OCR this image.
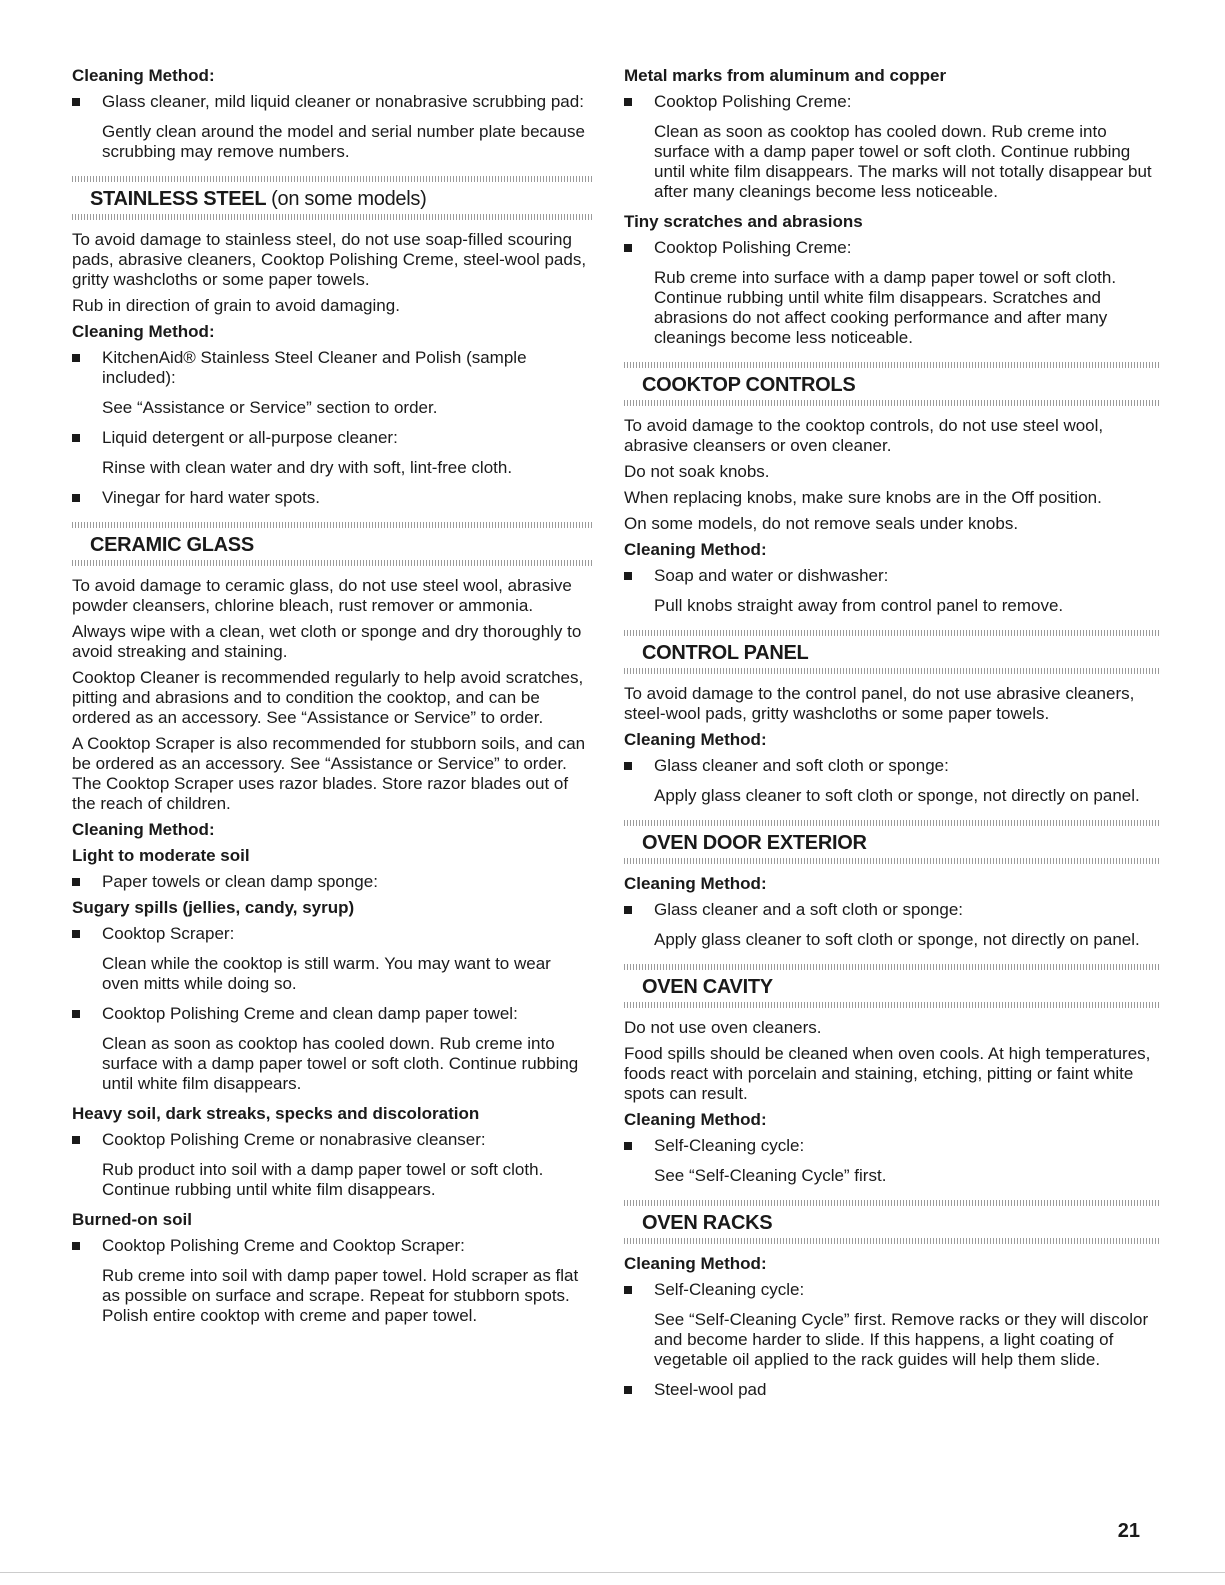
Cleaning Method:
Glass cleaner, mild liquid cleaner or nonabrasive scrubbing pad:
Gently clean around the model and serial number plate because scrubbing may remove numbers.
STAINLESS STEEL (on some models)
To avoid damage to stainless steel, do not use soap-filled scouring pads, abrasive cleaners, Cooktop Polishing Creme, steel-wool pads, gritty washcloths or some paper towels.
Rub in direction of grain to avoid damaging.
Cleaning Method:
KitchenAid® Stainless Steel Cleaner and Polish (sample included):
See “Assistance or Service” section to order.
Liquid detergent or all-purpose cleaner:
Rinse with clean water and dry with soft, lint-free cloth.
Vinegar for hard water spots.
CERAMIC GLASS
To avoid damage to ceramic glass, do not use steel wool, abrasive powder cleansers, chlorine bleach, rust remover or ammonia.
Always wipe with a clean, wet cloth or sponge and dry thoroughly to avoid streaking and staining.
Cooktop Cleaner is recommended regularly to help avoid scratches, pitting and abrasions and to condition the cooktop, and can be ordered as an accessory. See “Assistance or Service” to order.
A Cooktop Scraper is also recommended for stubborn soils, and can be ordered as an accessory. See “Assistance or Service” to order. The Cooktop Scraper uses razor blades. Store razor blades out of the reach of children.
Cleaning Method:
Light to moderate soil
Paper towels or clean damp sponge:
Sugary spills (jellies, candy, syrup)
Cooktop Scraper:
Clean while the cooktop is still warm. You may want to wear oven mitts while doing so.
Cooktop Polishing Creme and clean damp paper towel:
Clean as soon as cooktop has cooled down. Rub creme into surface with a damp paper towel or soft cloth. Continue rubbing until white film disappears.
Heavy soil, dark streaks, specks and discoloration
Cooktop Polishing Creme or nonabrasive cleanser:
Rub product into soil with a damp paper towel or soft cloth. Continue rubbing until white film disappears.
Burned-on soil
Cooktop Polishing Creme and Cooktop Scraper:
Rub creme into soil with damp paper towel. Hold scraper as flat as possible on surface and scrape. Repeat for stubborn spots. Polish entire cooktop with creme and paper towel.
Metal marks from aluminum and copper
Cooktop Polishing Creme:
Clean as soon as cooktop has cooled down. Rub creme into surface with a damp paper towel or soft cloth. Continue rubbing until white film disappears. The marks will not totally disappear but after many cleanings become less noticeable.
Tiny scratches and abrasions
Cooktop Polishing Creme:
Rub creme into surface with a damp paper towel or soft cloth. Continue rubbing until white film disappears. Scratches and abrasions do not affect cooking performance and after many cleanings become less noticeable.
COOKTOP CONTROLS
To avoid damage to the cooktop controls, do not use steel wool, abrasive cleansers or oven cleaner.
Do not soak knobs.
When replacing knobs, make sure knobs are in the Off position.
On some models, do not remove seals under knobs.
Cleaning Method:
Soap and water or dishwasher:
Pull knobs straight away from control panel to remove.
CONTROL PANEL
To avoid damage to the control panel, do not use abrasive cleaners, steel-wool pads, gritty washcloths or some paper towels.
Cleaning Method:
Glass cleaner and soft cloth or sponge:
Apply glass cleaner to soft cloth or sponge, not directly on panel.
OVEN DOOR EXTERIOR
Cleaning Method:
Glass cleaner and a soft cloth or sponge:
Apply glass cleaner to soft cloth or sponge, not directly on panel.
OVEN CAVITY
Do not use oven cleaners.
Food spills should be cleaned when oven cools. At high temperatures, foods react with porcelain and staining, etching, pitting or faint white spots can result.
Cleaning Method:
Self-Cleaning cycle:
See “Self-Cleaning Cycle” first.
OVEN RACKS
Cleaning Method:
Self-Cleaning cycle:
See “Self-Cleaning Cycle” first. Remove racks or they will discolor and become harder to slide. If this happens, a light coating of vegetable oil applied to the rack guides will help them slide.
Steel-wool pad
21
